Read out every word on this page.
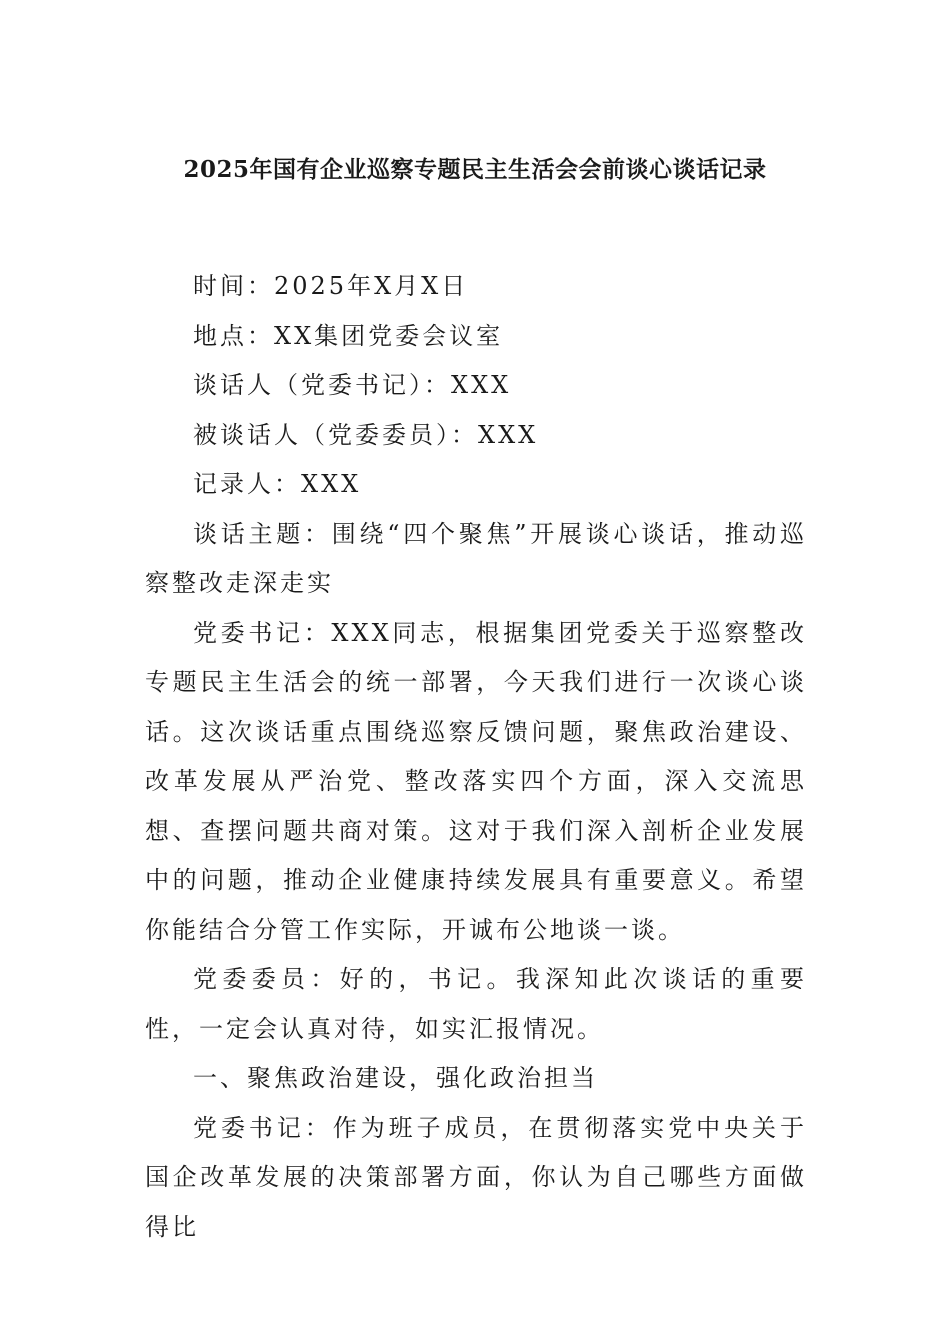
2025年国有企业巡察专题民主生活会会前谈心谈话记录

时间：2025年X月X日

地点：XX集团党委会议室

谈话人（党委书记）：XXX

被谈话人（党委委员）：XXX

记录人：XXX

谈话主题：围绕“四个聚焦”开展谈心谈话，推动巡察整改走深走实

党委书记：XXX同志，根据集团党委关于巡察整改专题民主生活会的统一部署，今天我们进行一次谈心谈话。这次谈话重点围绕巡察反馈问题，聚焦政治建设、改革发展从严治党、整改落实四个方面，深入交流思想、查摆问题共商对策。这对于我们深入剖析企业发展中的问题，推动企业健康持续发展具有重要意义。希望你能结合分管工作实际，开诚布公地谈一谈。

党委委员：好的，书记。我深知此次谈话的重要性，一定会认真对待，如实汇报情况。

一、聚焦政治建设，强化政治担当

党委书记：作为班子成员，在贯彻落实党中央关于国企改革发展的决策部署方面，你认为自己哪些方面做得比
